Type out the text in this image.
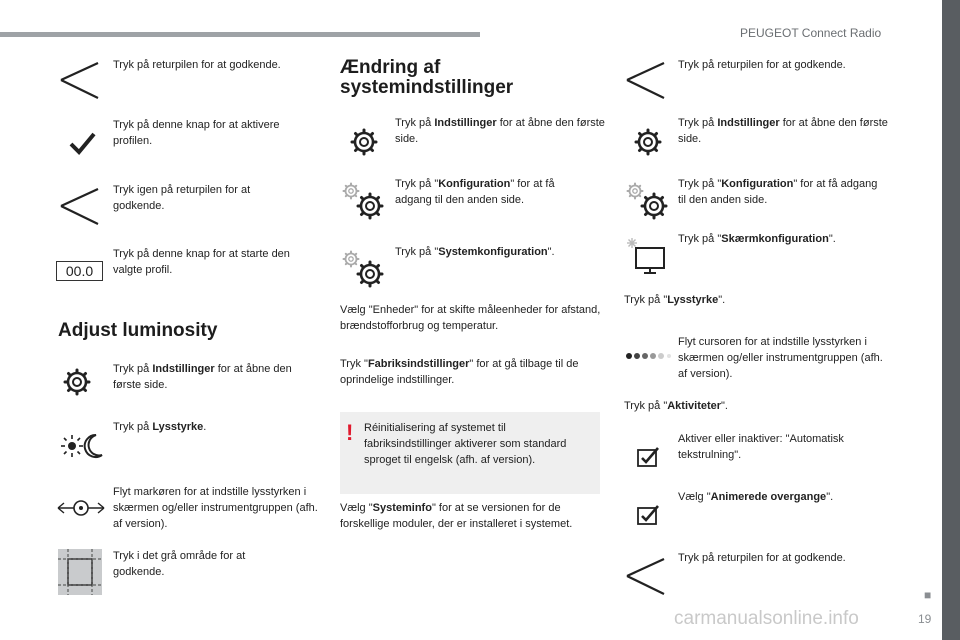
PEUGEOT Connect Radio
Tryk på returpilen for at godkende.
Tryk på denne knap for at aktivere profilen.
Tryk igen på returpilen for at godkende.
00.0
Tryk på denne knap for at starte den valgte profil.
Adjust luminosity
Tryk på Indstillinger for at åbne den første side.
Tryk på Lysstyrke.
Flyt markøren for at indstille lysstyrken i skærmen og/eller instrumentgruppen (afh. af version).
Tryk i det grå område for at godkende.
Ændring af
systemindstillinger
Tryk på Indstillinger for at åbne den første side.
Tryk på "Konfiguration" for at få adgang til den anden side.
Tryk på "Systemkonfiguration".
Vælg "Enheder" for at skifte måleenheder for afstand, brændstofforbrug og temperatur.
Tryk "Fabriksindstillinger" for at gå tilbage til de oprindelige indstillinger.
! Réinitialisering af systemet til fabriksindstillinger aktiverer som standard sproget til engelsk (afh. af version).
Vælg "Systeminfo" for at se versionen for de forskellige moduler, der er installeret i systemet.
Tryk på returpilen for at godkende.
Tryk på Indstillinger for at åbne den første side.
Tryk på "Konfiguration" for at få adgang til den anden side.
Tryk på "Skærmkonfiguration".
Tryk på "Lysstyrke".
Flyt cursoren for at indstille lysstyrken i skærmen og/eller instrumentgruppen (afh. af version).
Tryk på "Aktiviteter".
Aktiver eller inaktiver: "Automatisk tekstrulning".
Vælg "Animerede overgange".
Tryk på returpilen for at godkende.
■
carmanualsonline.info	19
